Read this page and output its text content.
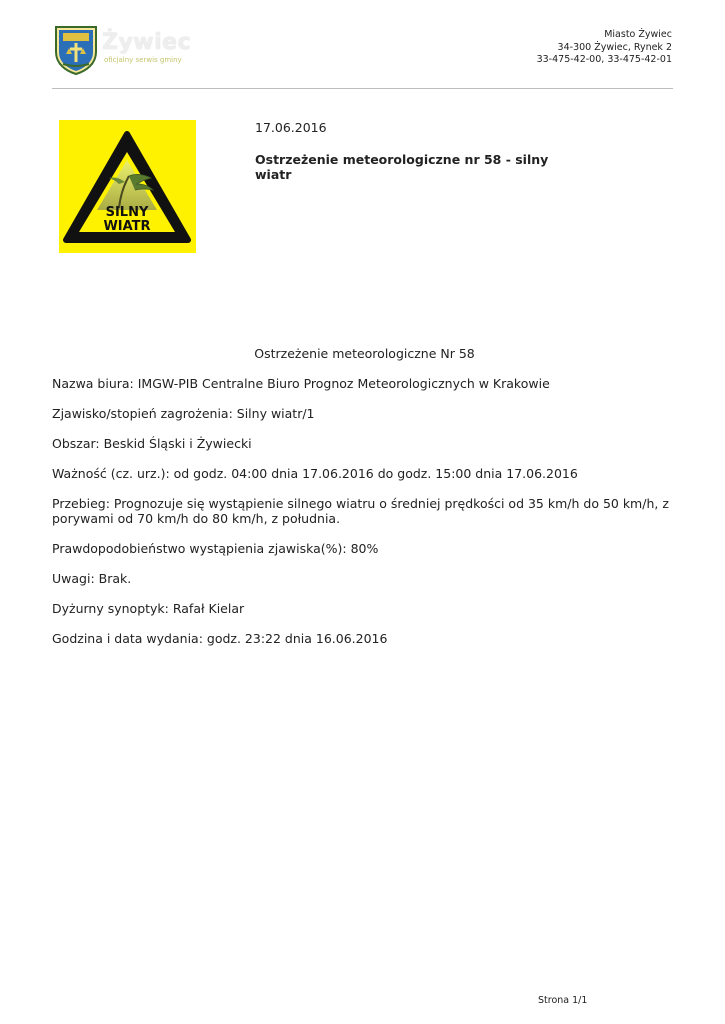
Żywiec
oficjalny serwis gminy
Miasto Żywiec
34-300 Żywiec, Rynek 2
33-475-42-00, 33-475-42-01
SILNY
WIATR
17.06.2016
Ostrzeżenie meteorologiczne nr 58 - silny wiatr

Ostrzeżenie meteorologiczne Nr 58

Nazwa biura: IMGW-PIB Centralne Biuro Prognoz Meteorologicznych w Krakowie

Zjawisko/stopień zagrożenia: Silny wiatr/1

Obszar: Beskid Śląski i Żywiecki

Ważność (cz. urz.): od godz. 04:00 dnia 17.06.2016 do godz. 15:00 dnia 17.06.2016

Przebieg: Prognozuje się wystąpienie silnego wiatru o średniej prędkości od 35 km/h do 50 km/h, z porywami od 70 km/h do 80 km/h, z południa.

Prawdopodobieństwo wystąpienia zjawiska(%): 80%

Uwagi: Brak.

Dyżurny synoptyk: Rafał Kielar

Godzina i data wydania: godz. 23:22 dnia 16.06.2016

Strona 1/1
